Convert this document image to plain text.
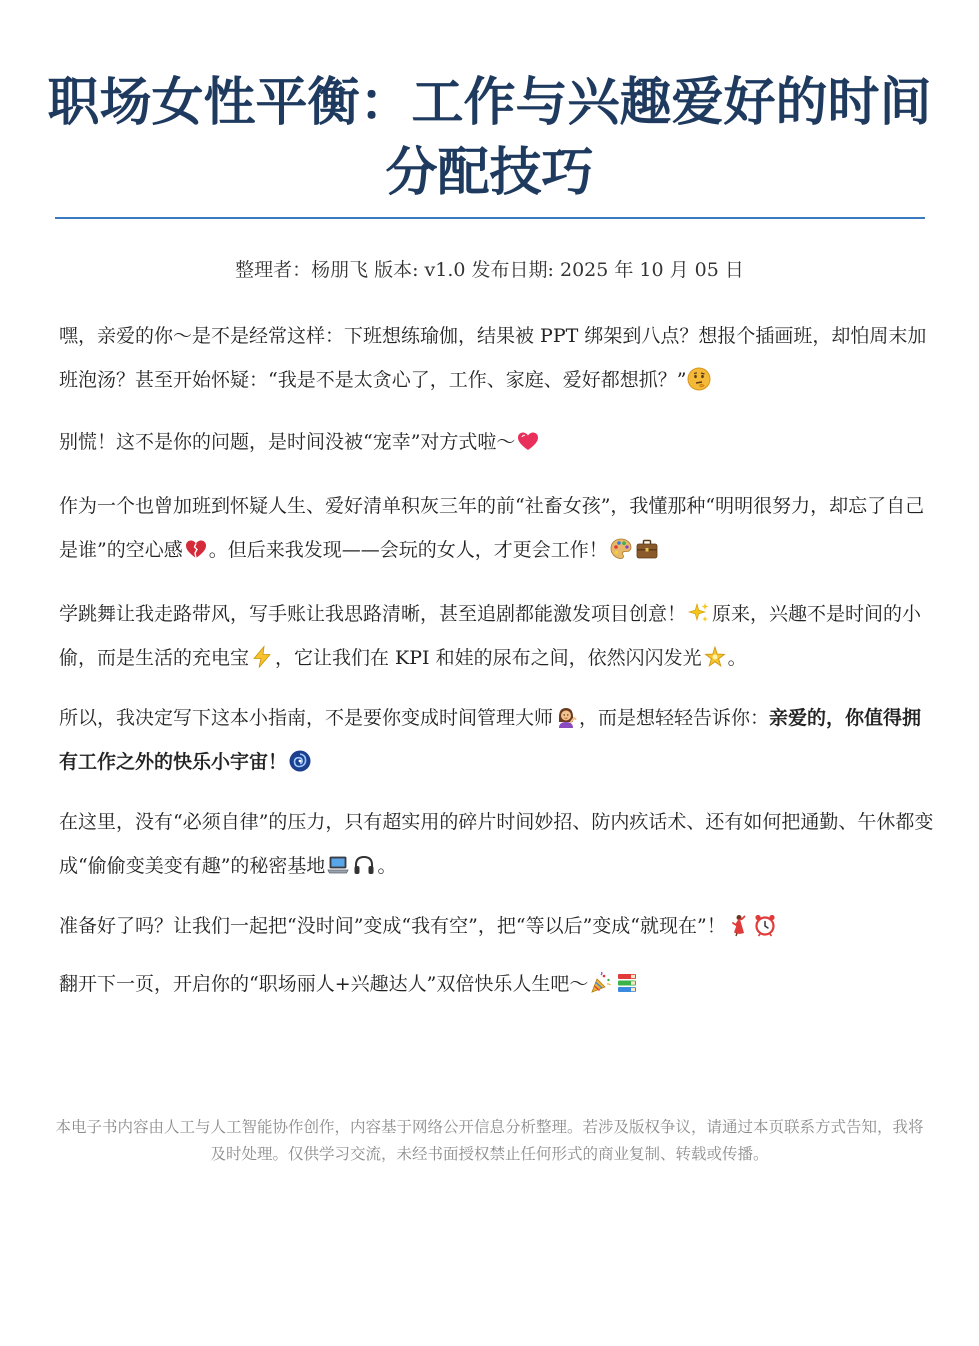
职场女性平衡：工作与兴趣爱好的时间分配技巧
整理者：杨朋飞 版本: v1.0 发布日期: 2025 年 10 月 05 日

嘿，亲爱的你～是不是经常这样：下班想练瑜伽，结果被 PPT 绑架到八点？想报个插画班，却怕周末加班泡汤？甚至开始怀疑：“我是不是太贪心了，工作、家庭、爱好都想抓？”

别慌！这不是你的问题，是时间没被“宠幸”对方式啦～

作为一个也曾加班到怀疑人生、爱好清单积灰三年的前“社畜女孩”，我懂那种“明明很努力，却忘了自己是谁”的空心感 。但后来我发现——会玩的女人，才更会工作！

学跳舞让我走路带风，写手账让我思路清晰，甚至追剧都能激发项目创意！ 原来，兴趣不是时间的小偷，而是生活的充电宝 ，它让我们在 KPI 和娃的尿布之间，依然闪闪发光 。

所以，我决定写下这本小指南，不是要你变成时间管理大师 ，而是想轻轻告诉你：亲爱的，你值得拥有工作之外的快乐小宇宙！

在这里，没有“必须自律”的压力，只有超实用的碎片时间妙招、防内疚话术、还有如何把通勤、午休都变成“偷偷变美变有趣”的秘密基地	。

准备好了吗？让我们一起把“没时间”变成“我有空”，把“等以后”变成“就现在”！

翻开下一页，开启你的“职场丽人+兴趣达人”双倍快乐人生吧～

本电子书内容由人工与人工智能协作创作，内容基于网络公开信息分析整理。若涉及版权争议，请通过本页联系方式告知，我将及时处理。仅供学习交流，未经书面授权禁止任何形式的商业复制、转载或传播。
